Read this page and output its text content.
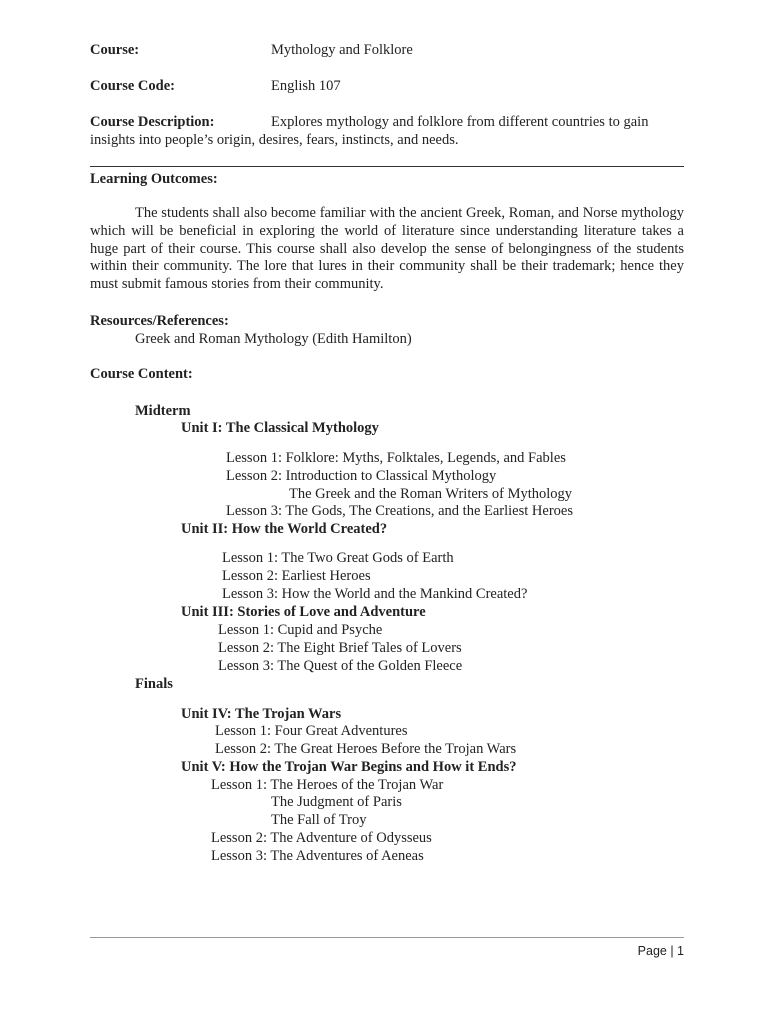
Course:	Mythology and Folklore
Course Code:	English 107
Course Description:	Explores mythology and folklore from different countries to gain
insights into people’s origin, desires, fears, instincts, and needs.
Learning Outcomes:
The students shall also become familiar with the ancient Greek, Roman, and Norse mythology which will be beneficial in exploring the world of literature since understanding literature takes a huge part of their course. This course shall also develop the sense of belongingness of the students within their community. The lore that lures in their community shall be their trademark; hence they must submit famous stories from their community.
Resources/References:
Greek and Roman Mythology (Edith Hamilton)
Course Content:
Midterm
Unit I: The Classical Mythology
Lesson 1: Folklore: Myths, Folktales, Legends, and Fables
Lesson 2: Introduction to Classical Mythology
The Greek and the Roman Writers of Mythology
Lesson 3: The Gods, The Creations, and the Earliest Heroes
Unit II: How the World Created?
Lesson 1: The Two Great Gods of Earth
Lesson 2: Earliest Heroes
Lesson 3: How the World and the Mankind Created?
Unit III: Stories of Love and Adventure
Lesson 1: Cupid and Psyche
Lesson 2: The Eight Brief Tales of Lovers
Lesson 3: The Quest of the Golden Fleece
Finals
Unit IV: The Trojan Wars
Lesson 1: Four Great Adventures
Lesson 2: The Great Heroes Before the Trojan Wars
Unit V: How the Trojan War Begins and How it Ends?
Lesson 1: The Heroes of the Trojan War
The Judgment of Paris
The Fall of Troy
Lesson 2: The Adventure of Odysseus
Lesson 3: The Adventures of Aeneas
Page | 1
